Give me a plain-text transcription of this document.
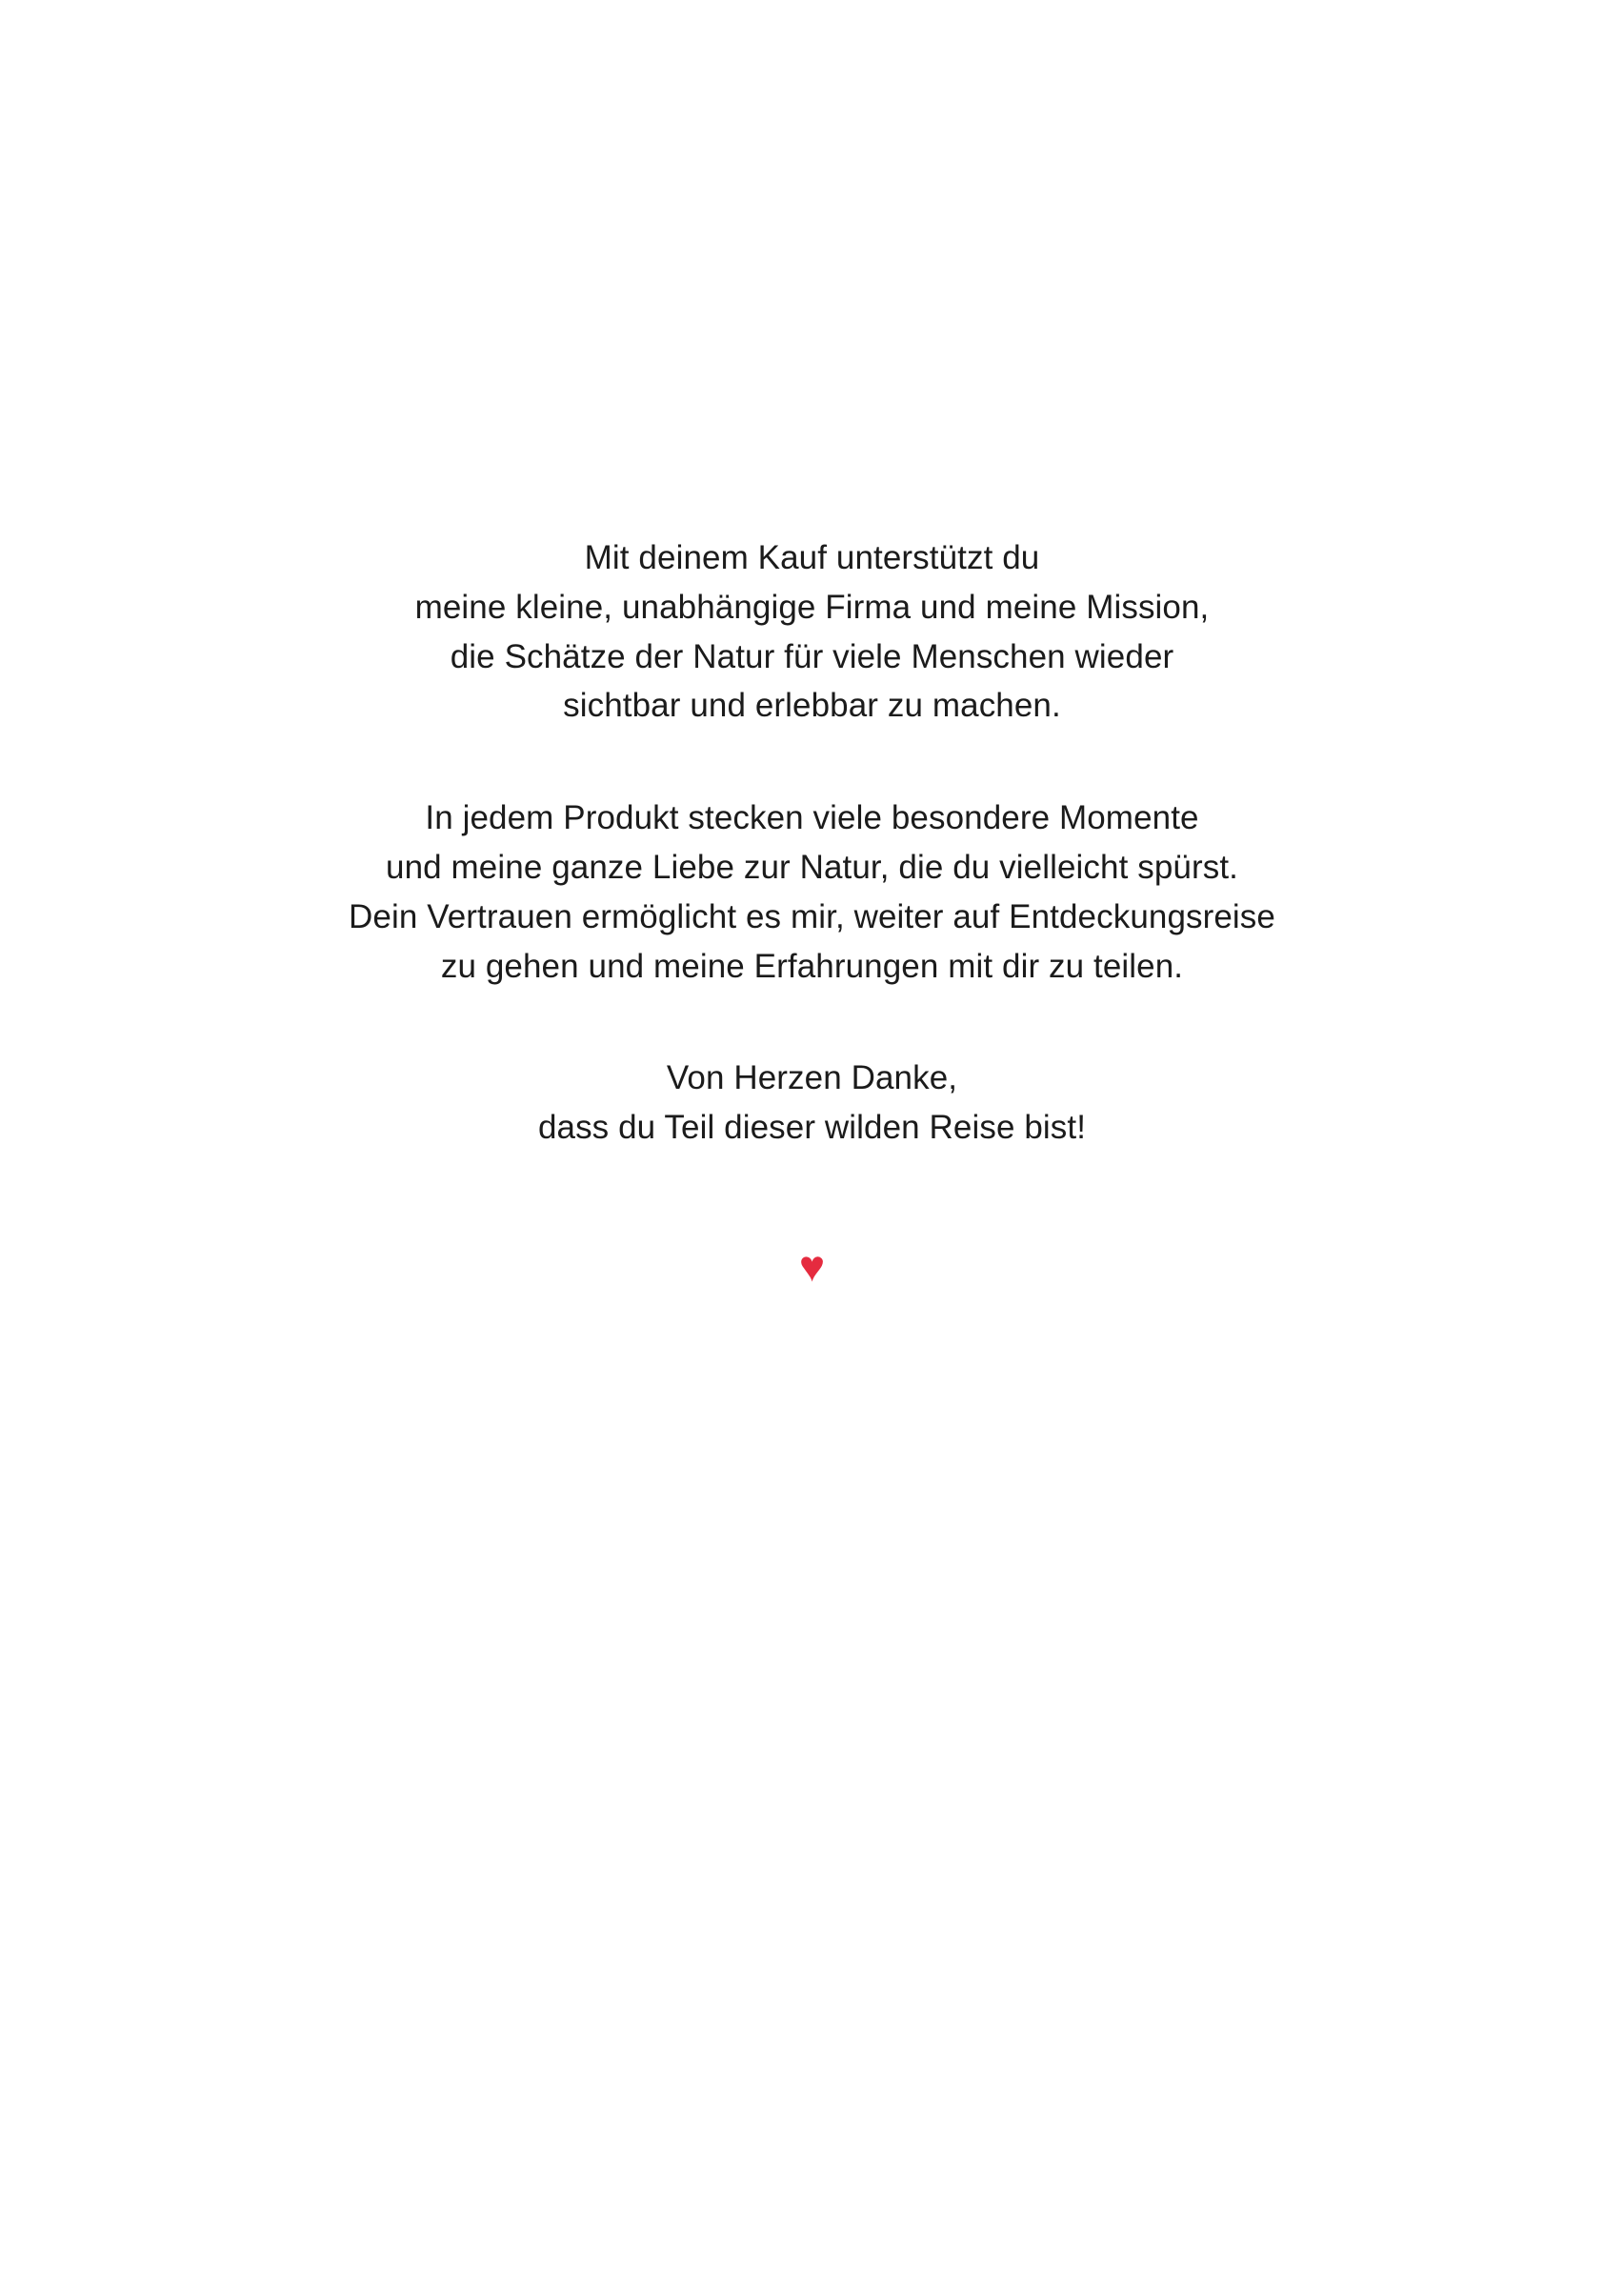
Mit deinem Kauf unterstützt du
meine kleine, unabhängige Firma und meine Mission,
die Schätze der Natur für viele Menschen wieder
sichtbar und erlebbar zu machen.
In jedem Produkt stecken viele besondere Momente
und meine ganze Liebe zur Natur, die du vielleicht spürst.
Dein Vertrauen ermöglicht es mir, weiter auf Entdeckungsreise
zu gehen und meine Erfahrungen mit dir zu teilen.
Von Herzen Danke,
dass du Teil dieser wilden Reise bist!
♥
